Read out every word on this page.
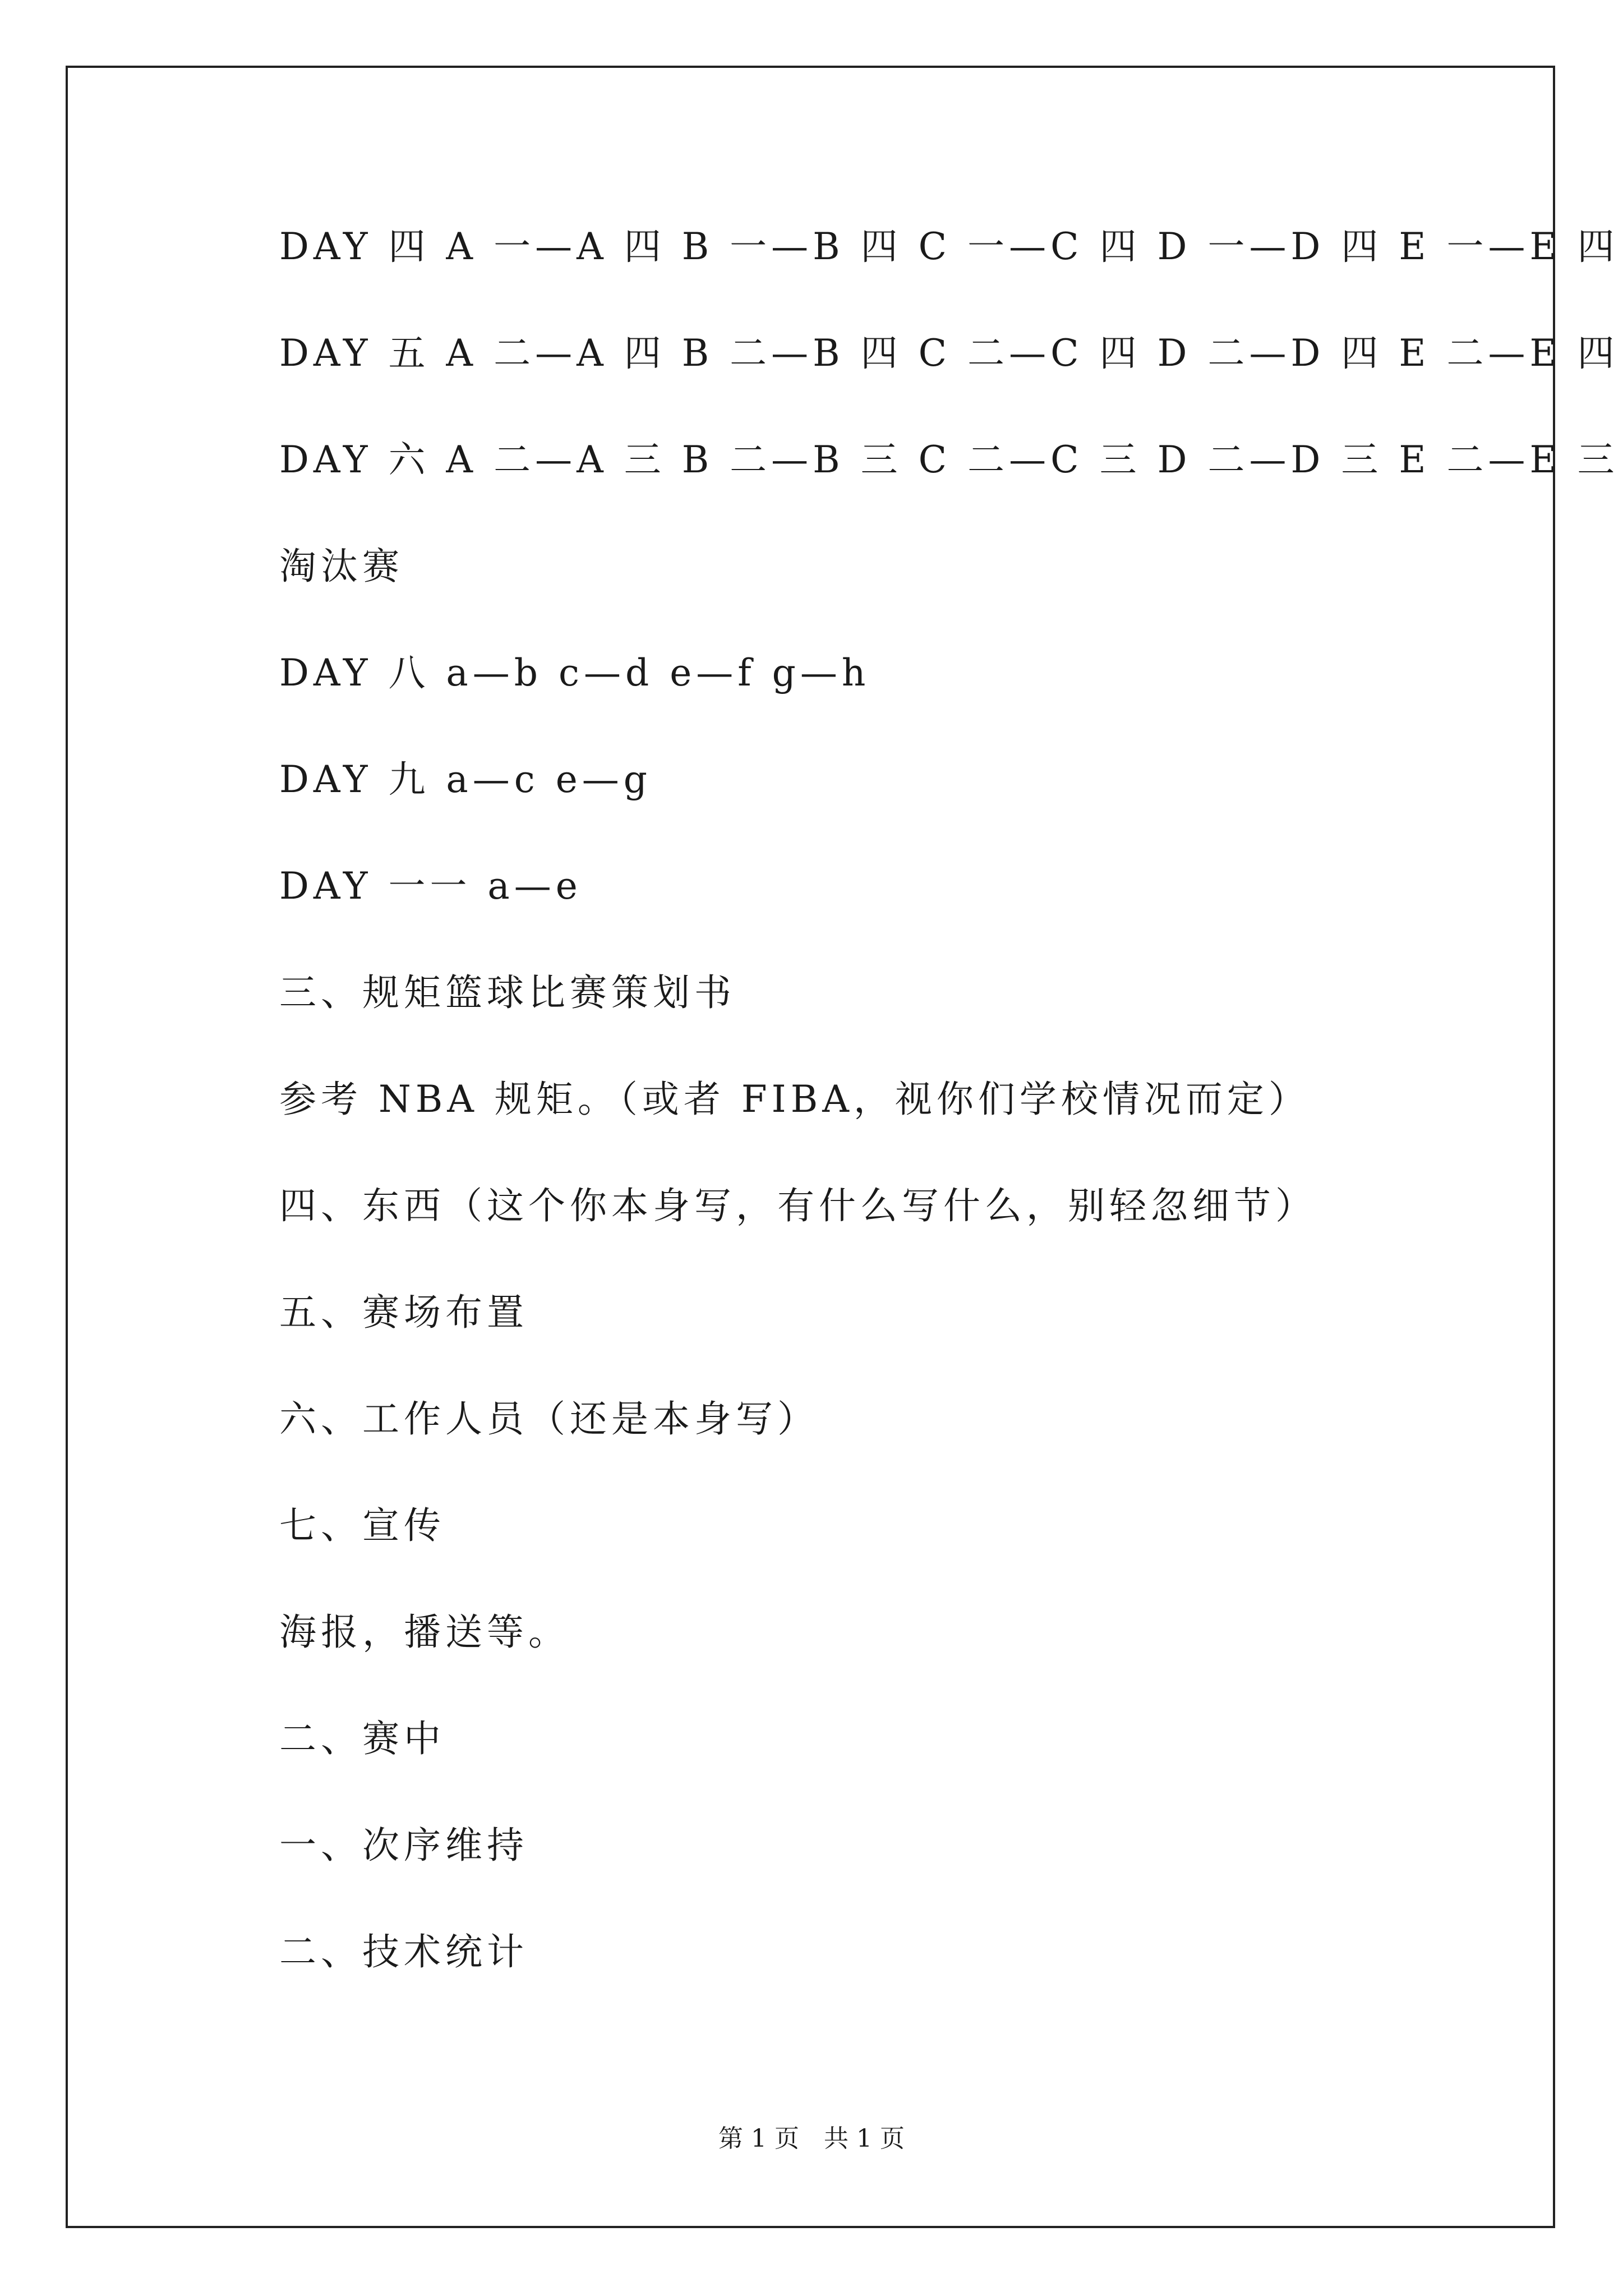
DAY 四 A 一—A 四 B 一—B 四 C 一—C 四 D 一—D 四 E 一—E 四
DAY 五 A 二—A 四 B 二—B 四 C 二—C 四 D 二—D 四 E 二—E 四
DAY 六 A 二—A 三 B 二—B 三 C 二—C 三 D 二—D 三 E 二—E 三
淘汰赛
DAY 八 a—b c—d e—f g—h
DAY 九 a—c e—g
DAY 一一 a—e
三、规矩篮球比赛策划书
参考 NBA 规矩。（或者 FIBA，视你们学校情况而定）
四、东西（这个你本身写，有什么写什么，别轻忽细节）
五、赛场布置
六、工作人员（还是本身写）
七、宣传
海报，播送等。
二、赛中
一、次序维持
二、技术统计
第 1 页　共 1 页
